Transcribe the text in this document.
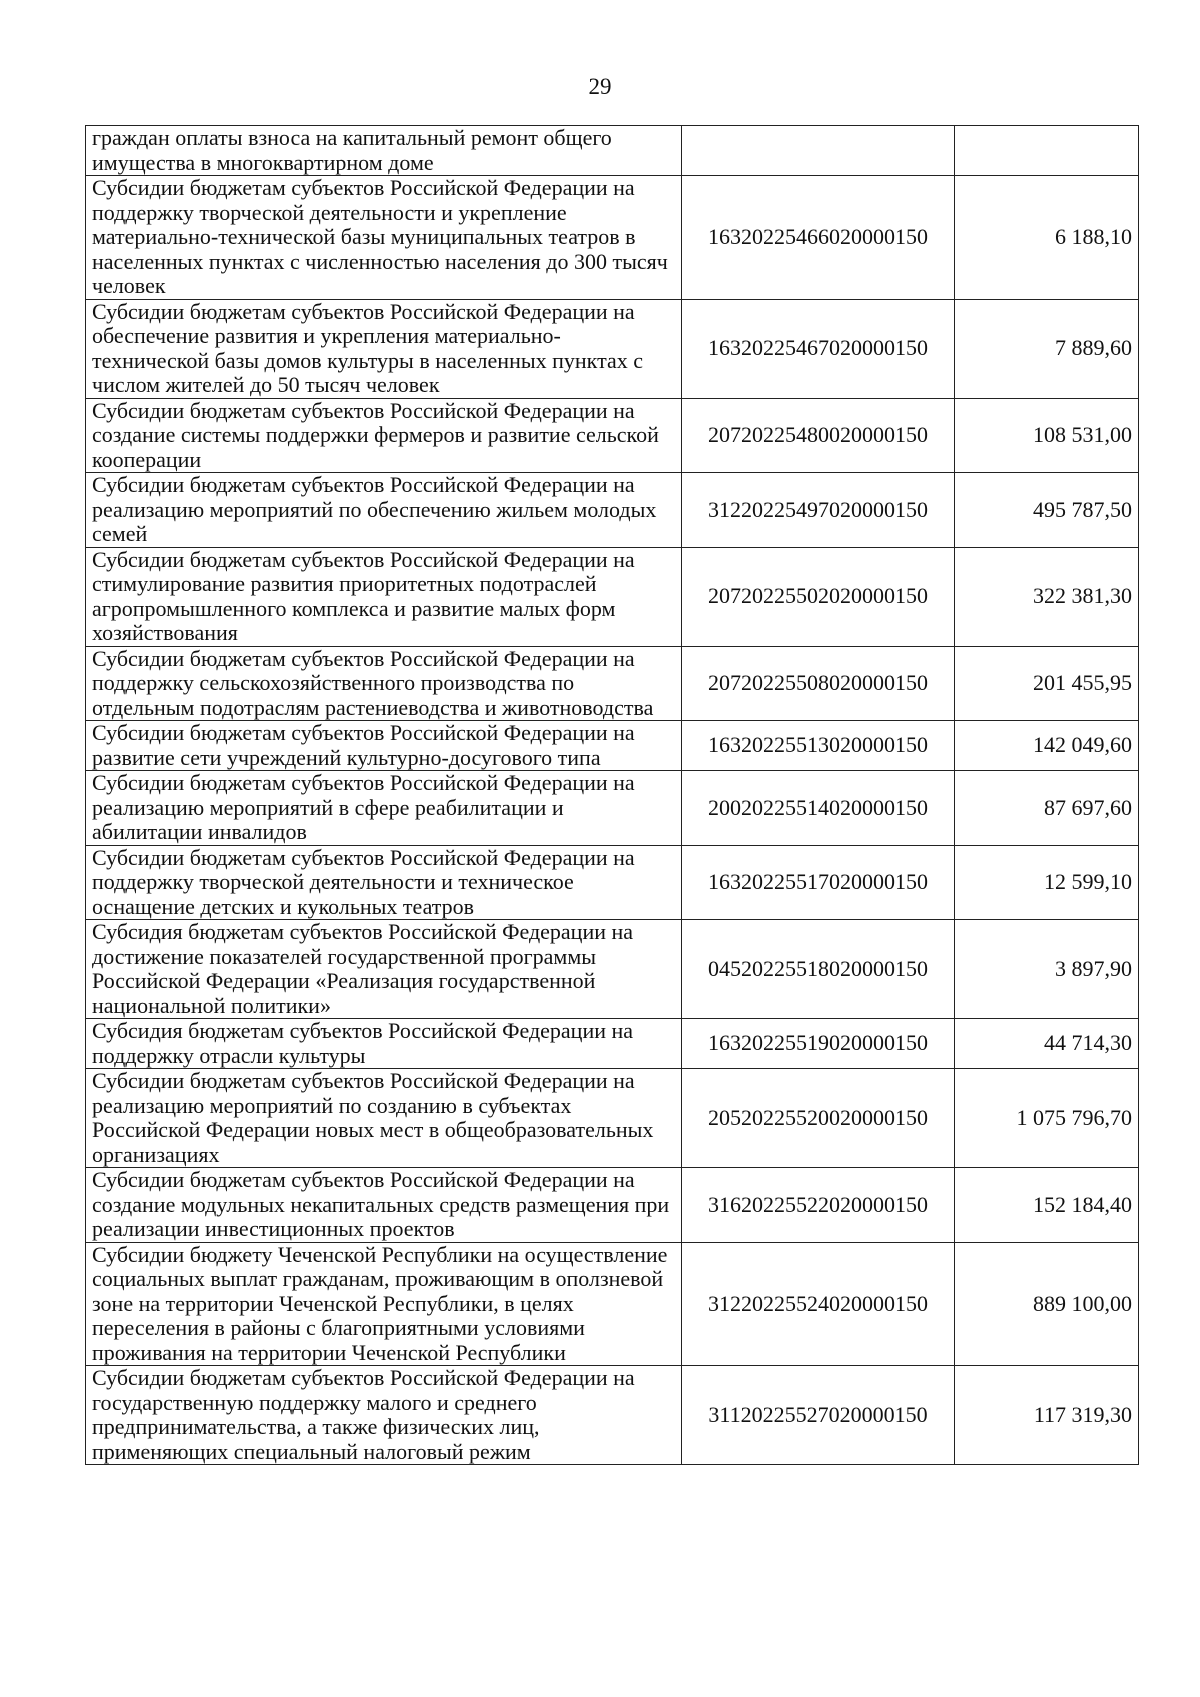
29
граждан оплаты взноса на капитальный ремонт общего имущества в многоквартирном доме		
Субсидии бюджетам субъектов Российской Федерации на поддержку творческой деятельности и укрепление материально-технической базы муниципальных театров в населенных пунктах с численностью населения до 300 тысяч человек	16320225466020000150	6 188,10
Субсидии бюджетам субъектов Российской Федерации на обеспечение развития и укрепления материально-технической базы домов культуры в населенных пунктах с числом жителей до 50 тысяч человек	16320225467020000150	7 889,60
Субсидии бюджетам субъектов Российской Федерации на создание системы поддержки фермеров и развитие сельской кооперации	20720225480020000150	108 531,00
Субсидии бюджетам субъектов Российской Федерации на реализацию мероприятий по обеспечению жильем молодых семей	31220225497020000150	495 787,50
Субсидии бюджетам субъектов Российской Федерации на стимулирование развития приоритетных подотраслей агропромышленного комплекса и развитие малых форм хозяйствования	20720225502020000150	322 381,30
Субсидии бюджетам субъектов Российской Федерации на поддержку сельскохозяйственного производства по отдельным подотраслям растениеводства и животноводства	20720225508020000150	201 455,95
Субсидии бюджетам субъектов Российской Федерации на развитие сети учреждений культурно-досугового типа	16320225513020000150	142 049,60
Субсидии бюджетам субъектов Российской Федерации на реализацию мероприятий в сфере реабилитации и абилитации инвалидов	20020225514020000150	87 697,60
Субсидии бюджетам субъектов Российской Федерации на поддержку творческой деятельности и техническое оснащение детских и кукольных театров	16320225517020000150	12 599,10
Субсидия бюджетам субъектов Российской Федерации на достижение показателей государственной программы Российской Федерации «Реализация государственной национальной политики»	04520225518020000150	3 897,90
Субсидия бюджетам субъектов Российской Федерации на поддержку отрасли культуры	16320225519020000150	44 714,30
Субсидии бюджетам субъектов Российской Федерации на реализацию мероприятий по созданию в субъектах Российской Федерации новых мест в общеобразовательных организациях	20520225520020000150	1 075 796,70
Субсидии бюджетам субъектов Российской Федерации на создание модульных некапитальных средств размещения при реализации инвестиционных проектов	31620225522020000150	152 184,40
Субсидии бюджету Чеченской Республики на осуществление социальных выплат гражданам, проживающим в оползневой зоне на территории Чеченской Республики, в целях переселения в районы с благоприятными условиями проживания на территории Чеченской Республики	31220225524020000150	889 100,00
Субсидии бюджетам субъектов Российской Федерации на государственную поддержку малого и среднего предпринимательства, а также физических лиц, применяющих специальный налоговый режим	31120225527020000150	117 319,30
